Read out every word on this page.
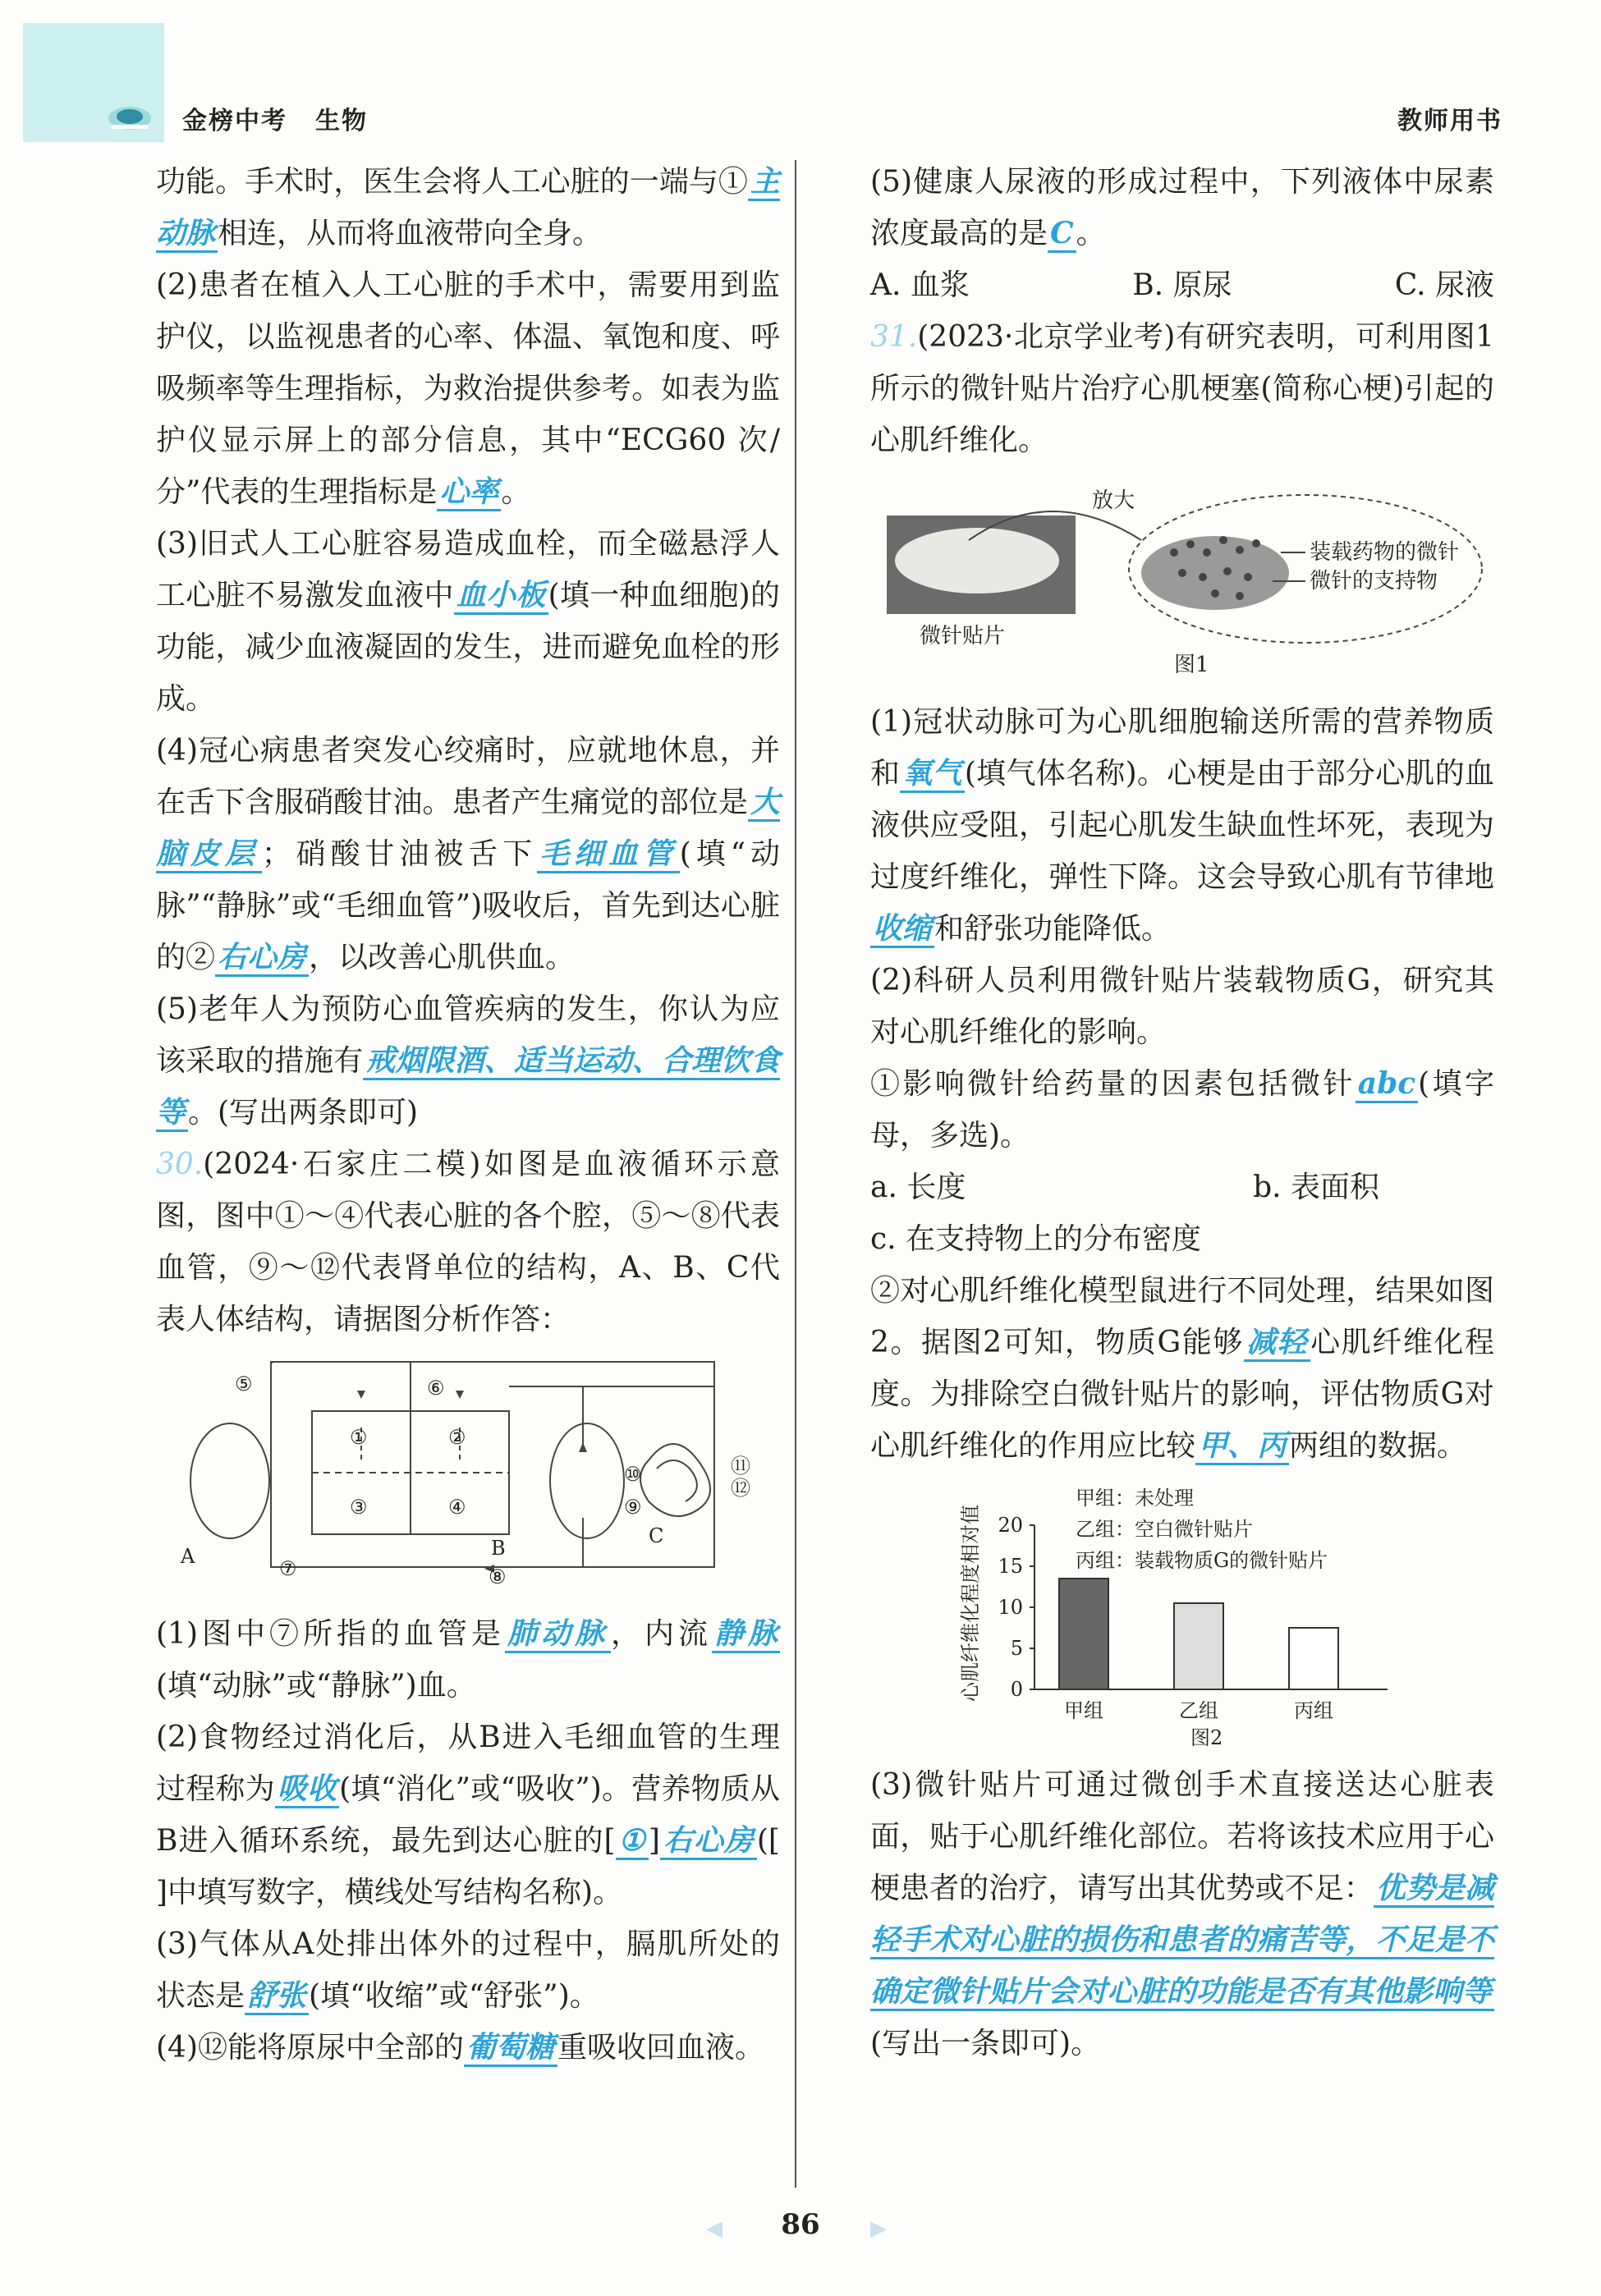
金榜中考 生物	教师用书

功能。手术时，医生会将人工心脏的一端与①主动脉相连，从而将血液带向全身。

(2)患者在植入人工心脏的手术中，需要用到监护仪，以监视患者的心率、体温、氧饱和度、呼吸频率等生理指标，为救治提供参考。如表为监护仪显示屏上的部分信息，其中“ECG60 次/分”代表的生理指标是心率。

(3)旧式人工心脏容易造成血栓，而全磁悬浮人工心脏不易激发血液中血小板(填一种血细胞)的功能，减少血液凝固的发生，进而避免血栓的形成。

(4)冠心病患者突发心绞痛时，应就地休息，并在舌下含服硝酸甘油。患者产生痛觉的部位是大脑皮层；硝酸甘油被舌下毛细血管(填“动脉”“静脉”或“毛细血管”)吸收后，首先到达心脏的②右心房，以改善心肌供血。

(5)老年人为预防心血管疾病的发生，你认为应该采取的措施有戒烟限酒、适当运动、合理饮食等。(写出两条即可)

30.(2024·石家庄二模)如图是血液循环示意图，图中①～④代表心脏的各个腔，⑤～⑧代表血管，⑨～⑫代表肾单位的结构，A、B、C代表人体结构，请据图分析作答：

⑤	⑥
①	②
③	④
⑦	⑧
⑨
⑩	⑪
⑫
A	B
C

(1)图中⑦所指的血管是肺动脉，内流静脉(填“动脉”或“静脉”)血。

(2)食物经过消化后，从B进入毛细血管的生理过程称为吸收(填“消化”或“吸收”)。营养物质从B进入循环系统，最先到达心脏的[①]右心房([ ]中填写数字，横线处写结构名称)。

(3)气体从A处排出体外的过程中，膈肌所处的状态是舒张(填“收缩”或“舒张”)。

(4)⑫能将原尿中全部的葡萄糖重吸收回血液。

(5)健康人尿液的形成过程中，下列液体中尿素浓度最高的是C。

A. 血浆	B. 原尿	C. 尿液

31.(2023·北京学业考)有研究表明，可利用图1所示的微针贴片治疗心肌梗塞(简称心梗)引起的心肌纤维化。

放大
装载药物的微针
微针的支持物
微针贴片
图1

(1)冠状动脉可为心肌细胞输送所需的营养物质和氧气(填气体名称)。心梗是由于部分心肌的血液供应受阻，引起心肌发生缺血性坏死，表现为过度纤维化，弹性下降。这会导致心肌有节律地收缩和舒张功能降低。

(2)科研人员利用微针贴片装载物质G，研究其对心肌纤维化的影响。

①影响微针给药量的因素包括微针abc(填字母，多选)。

a. 长度	b. 表面积

c. 在支持物上的分布密度

②对心肌纤维化模型鼠进行不同处理，结果如图2。据图2可知，物质G能够减轻心肌纤维化程度。为排除空白微针贴片的影响，评估物质G对心肌纤维化的作用应比较甲、丙两组的数据。

心肌纤维化程度相对值 0
5
10
15
20
甲组	乙组	丙组
甲组：未处理
乙组：空白微针贴片
丙组：装载物质G的微针贴片
图2

(3)微针贴片可通过微创手术直接送达心脏表面，贴于心肌纤维化部位。若将该技术应用于心梗患者的治疗，请写出其优势或不足：优势是减轻手术对心脏的损伤和患者的痛苦等，不足是不确定微针贴片会对心脏的功能是否有其他影响等(写出一条即可)。

◀	86	▶
